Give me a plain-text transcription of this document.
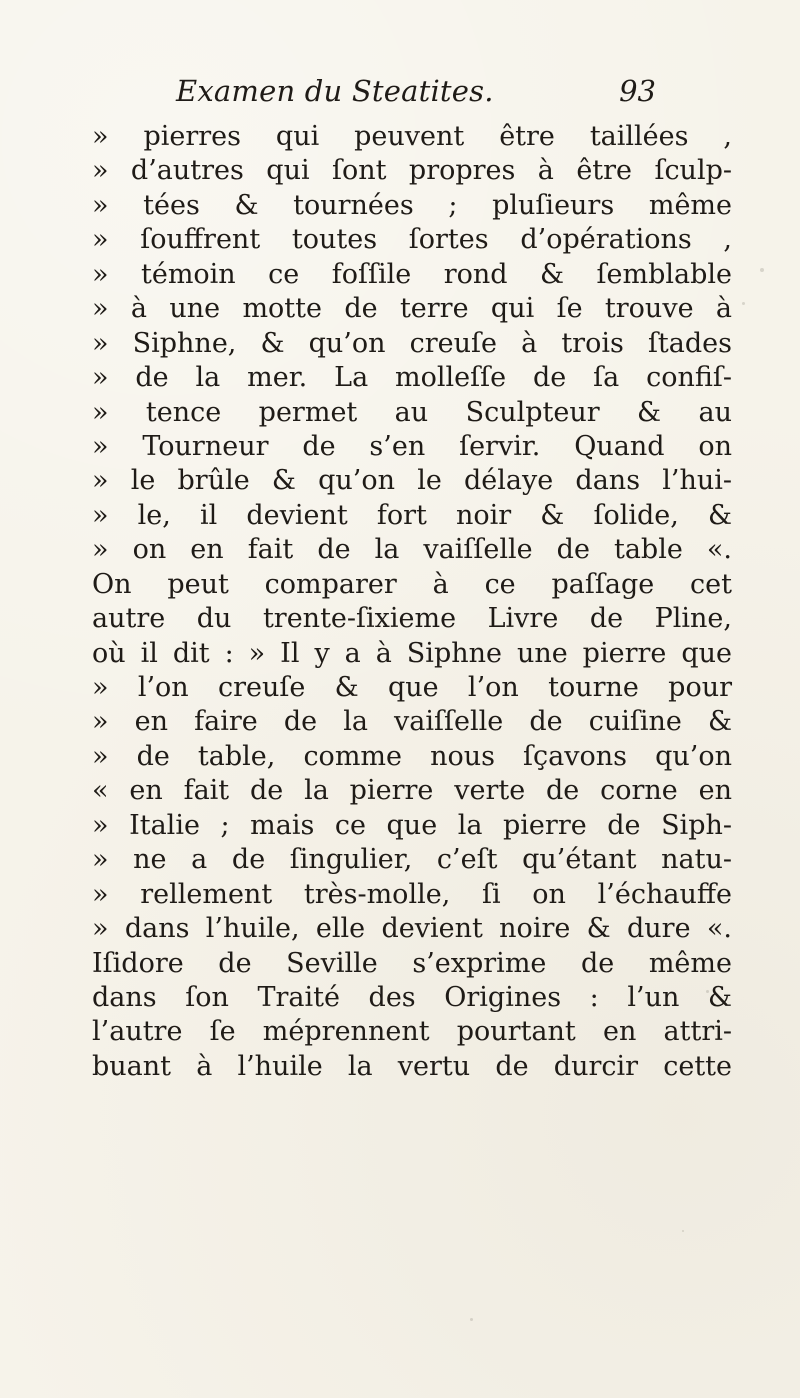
Examen du Steatites.	93
» pierres qui peuvent être taillées ,
» d’autres qui ſont propres à être ſculp-
» tées & tournées ; pluſieurs même
» ſouffrent toutes ſortes d’opérations ,
» témoin ce foſſile rond & ſemblable
» à une motte de terre qui ſe trouve à
» Siphne, & qu’on creuſe à trois ſtades
» de la mer. La molleſſe de ſa confiſ-
» tence permet au Sculpteur & au
» Tourneur de s’en ſervir. Quand on
» le brûle & qu’on le délaye dans l’hui-
» le, il devient fort noir & ſolide, &
» on en fait de la vaiſſelle de table «.
On peut comparer à ce paſſage cet
autre du trente-ſixieme Livre de Pline,
où il dit : » Il y a à Siphne une pierre que
» l’on creuſe & que l’on tourne pour
» en faire de la vaiſſelle de cuiſine &
» de table, comme nous ſçavons qu’on
« en fait de la pierre verte de corne en
» Italie ; mais ce que la pierre de Siph-
» ne a de ſingulier, c’eſt qu’étant natu-
» rellement très-molle, ſi on l’échauffe
» dans l’huile, elle devient noire & dure «.
Iſidore de Seville s’exprime de même
dans ſon Traité des Origines : l’un &
l’autre ſe méprennent pourtant en attri-
buant à l’huile la vertu de durcir cette
